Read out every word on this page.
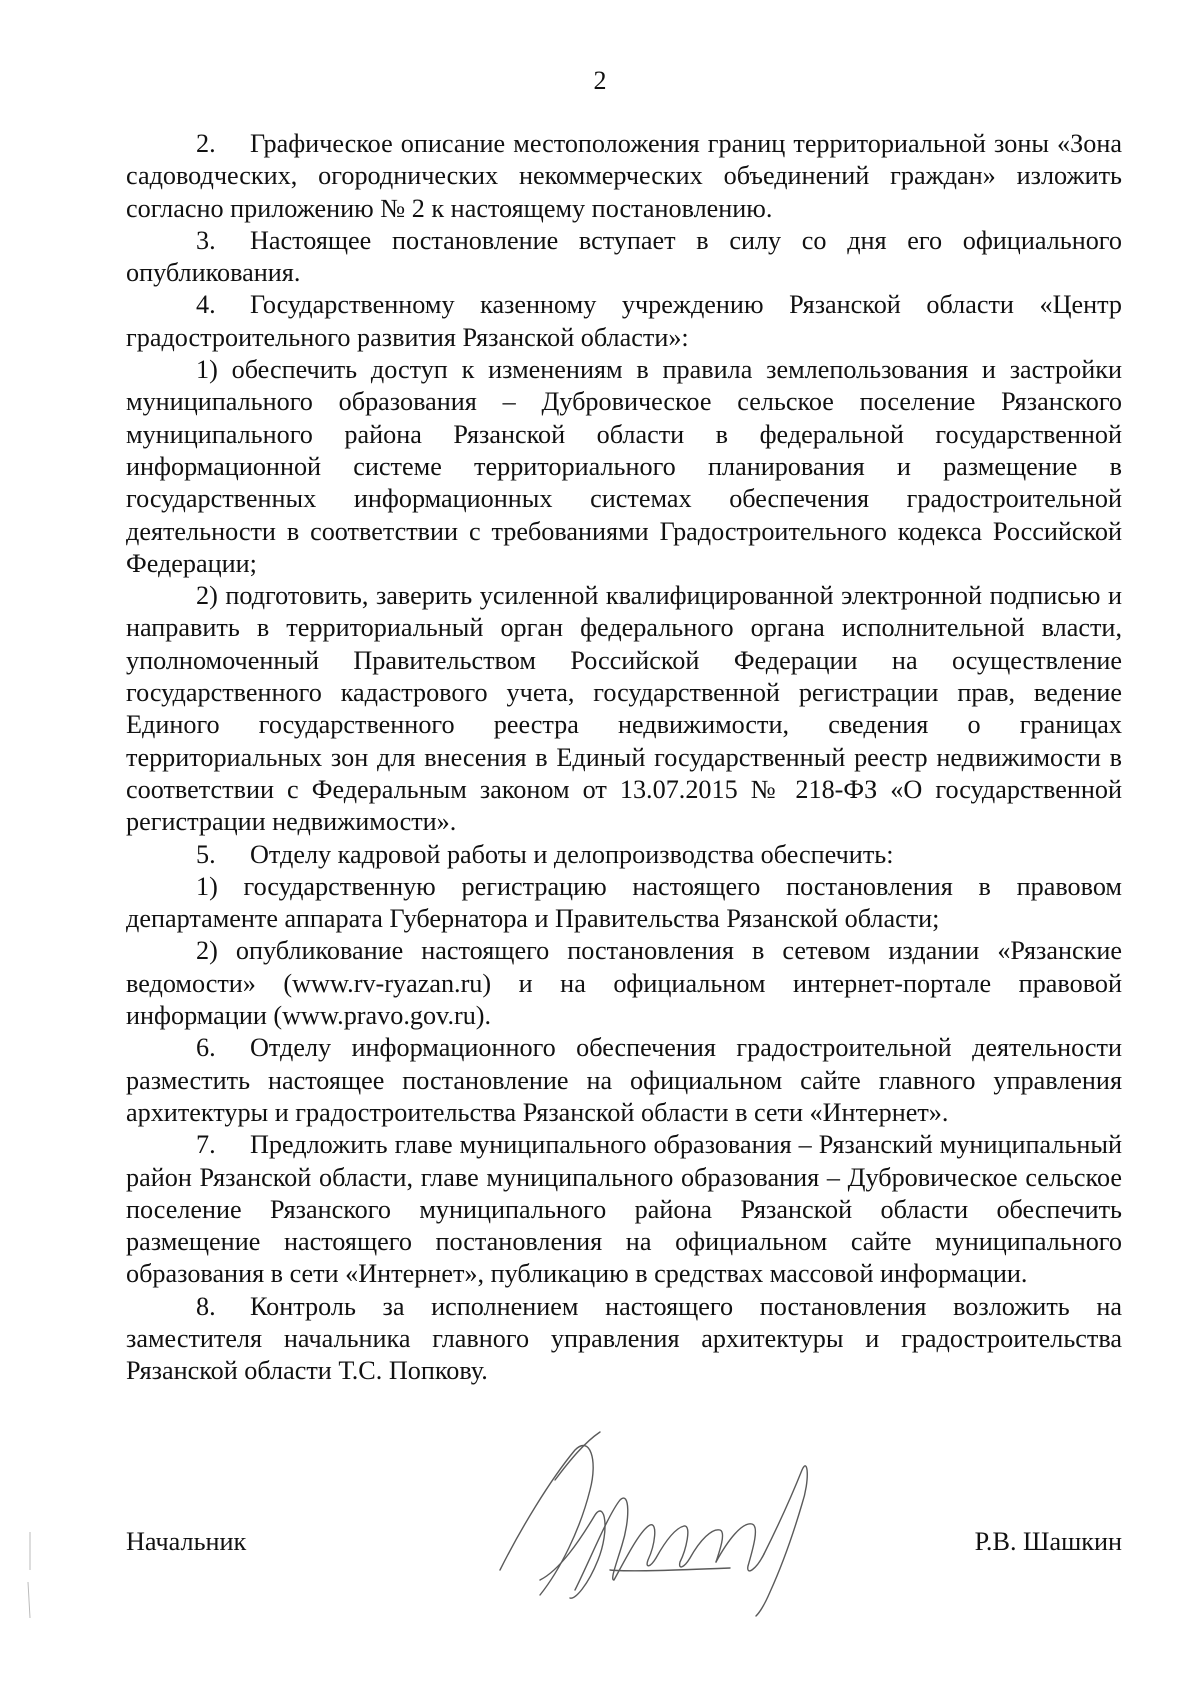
2

2. Графическое описание местоположения границ территориальной зоны «Зона садоводческих, огороднических некоммерческих объединений граждан» изложить согласно приложению № 2 к настоящему постановлению.

3. Настоящее постановление вступает в силу со дня его официального опубликования.

4. Государственному казенному учреждению Рязанской области «Центр градостроительного развития Рязанской области»:

1) обеспечить доступ к изменениям в правила землепользования и застройки муниципального образования – Дубровическое сельское поселение Рязанского муниципального района Рязанской области в федеральной государственной информационной системе территориального планирования и размещение в государственных информационных системах обеспечения градостроительной деятельности в соответствии с требованиями Градостроительного кодекса Российской Федерации;

2) подготовить, заверить усиленной квалифицированной электронной подписью и направить в территориальный орган федерального органа исполнительной власти, уполномоченный Правительством Российской Федерации на осуществление государственного кадастрового учета, государственной регистрации прав, ведение Единого государственного реестра недвижимости, сведения о границах территориальных зон для внесения в Единый государственный реестр недвижимости в соответствии с Федеральным законом от 13.07.2015 № 218-ФЗ «О государственной регистрации недвижимости».

5. Отделу кадровой работы и делопроизводства обеспечить:

1) государственную регистрацию настоящего постановления в правовом департаменте аппарата Губернатора и Правительства Рязанской области;

2) опубликование настоящего постановления в сетевом издании «Рязанские ведомости» (www.rv-ryazan.ru) и на официальном интернет-портале правовой информации (www.pravo.gov.ru).

6. Отделу информационного обеспечения градостроительной деятельности разместить настоящее постановление на официальном сайте главного управления архитектуры и градостроительства Рязанской области в сети «Интернет».

7. Предложить главе муниципального образования – Рязанский муниципальный район Рязанской области, главе муниципального образования – Дубровическое сельское поселение Рязанского муниципального района Рязанской области обеспечить размещение настоящего постановления на официальном сайте муниципального образования в сети «Интернет», публикацию в средствах массовой информации.

8. Контроль за исполнением настоящего постановления возложить на заместителя начальника главного управления архитектуры и градостроительства Рязанской области Т.С. Попкову.

Начальник	Р.В. Шашкин
